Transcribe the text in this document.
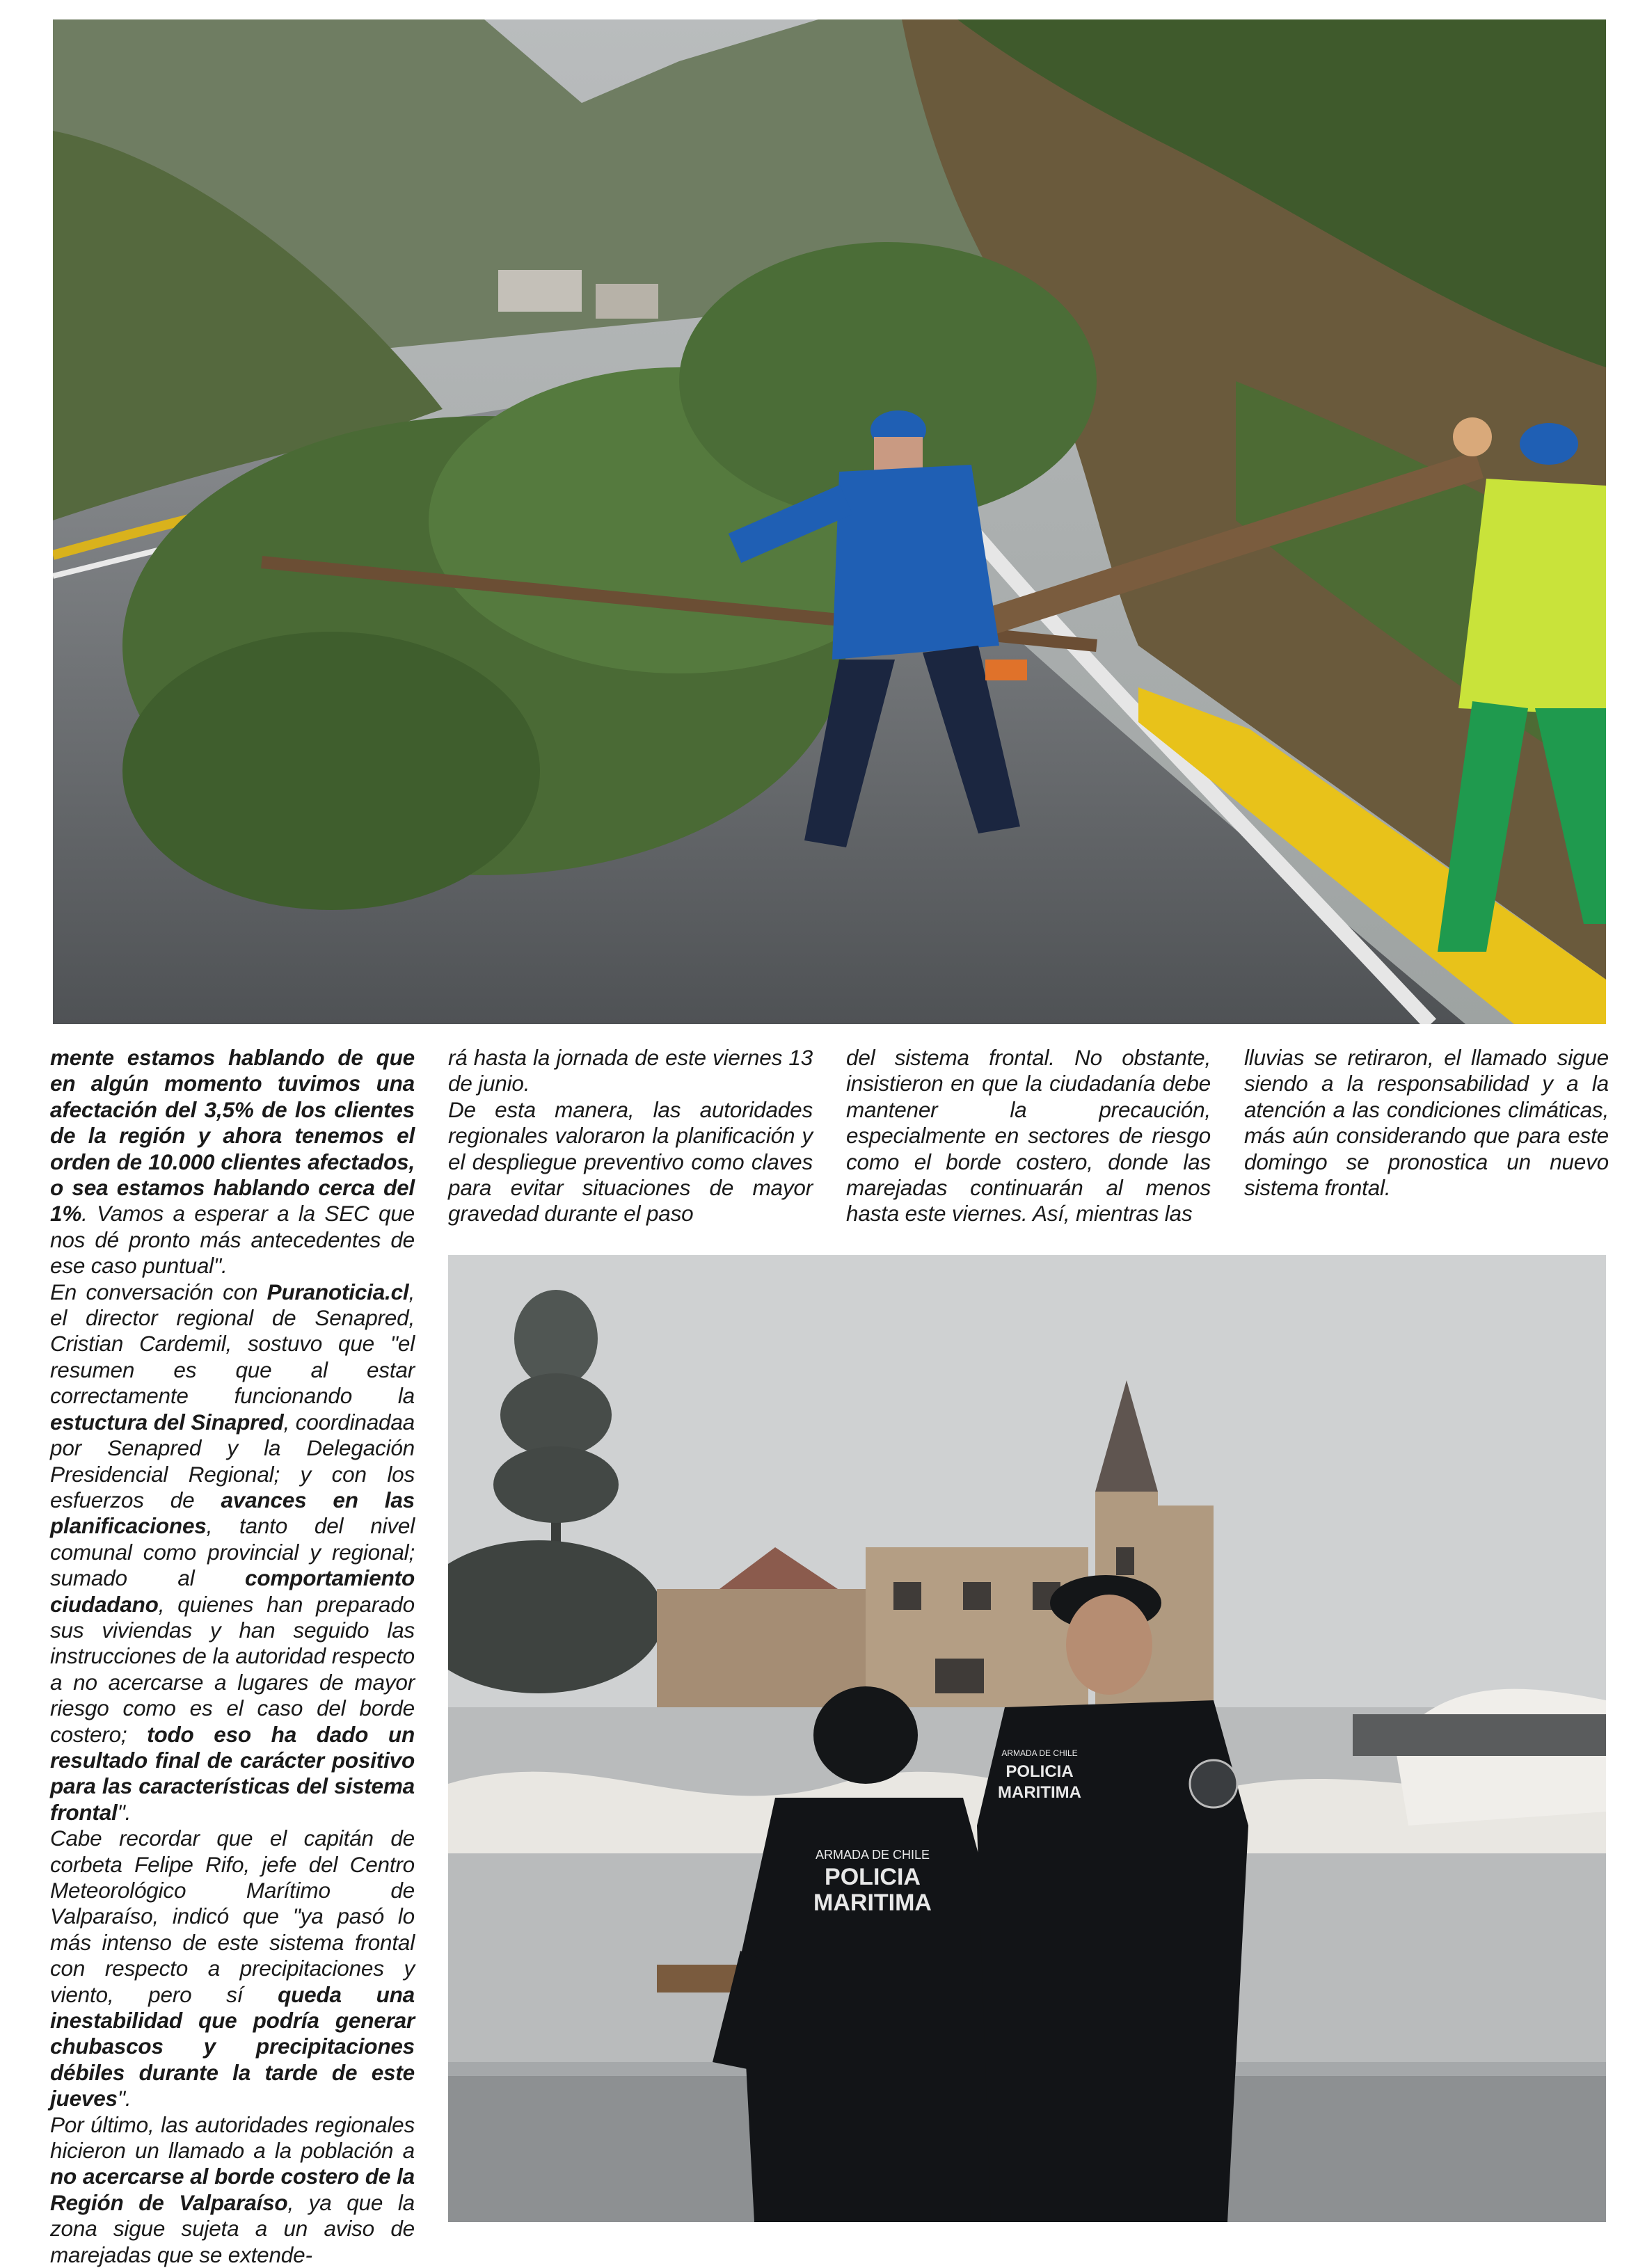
mente estamos hablando de que en algún momento tuvimos una afectación del 3,5% de los clientes de la región y ahora tenemos el orden de 10.000 clientes afectados, o sea estamos hablando cerca del 1%. Vamos a esperar a la SEC que nos dé pronto más antecedentes de ese caso puntual".
En conversación con Puranoticia.cl, el director regional de Senapred, Cristian Cardemil, sostuvo que "el resumen es que al estar correctamente funcionando la estuctura del Sinapred, coordinadaa por Senapred y la Delegación Presidencial Regional; y con los esfuerzos de avances en las planificaciones, tanto del nivel comunal como provincial y regional; sumado al comportamiento ciudadano, quienes han preparado sus viviendas y han seguido las instrucciones de la autoridad respecto a no acercarse a lugares de mayor riesgo como es el caso del borde costero; todo eso ha dado un resultado final de carácter positivo para las características del sistema frontal".
Cabe recordar que el capitán de corbeta Felipe Rifo, jefe del Centro Meteorológico Marítimo de Valparaíso, indicó que "ya pasó lo más intenso de este sistema frontal con respecto a precipitaciones y viento, pero sí queda una inestabilidad que podría generar chubascos y precipitaciones débiles durante la tarde de este jueves".
Por último, las autoridades regionales hicieron un llamado a la población a no acercarse al borde costero de la Región de Valparaíso, ya que la zona sigue sujeta a un aviso de marejadas que se extende-
rá hasta la jornada de este viernes 13 de junio.
De esta manera, las autoridades regionales valoraron la planificación y el despliegue preventivo como claves para evitar situaciones de mayor gravedad durante el paso
del sistema frontal. No obstante, insistieron en que la ciudadanía debe mantener la precaución, especialmente en sectores de riesgo como el borde costero, donde las marejadas continuarán al menos hasta este viernes. Así, mientras las
lluvias se retiraron, el llamado sigue siendo a la responsabilidad y a la atención a las condiciones climáticas, más aún considerando que para este domingo se pronostica un nuevo sistema frontal.
ARMADA DE CHILE
POLICIA
MARITIMA
ARMADA DE CHILE
POLICIA
MARITIMA
